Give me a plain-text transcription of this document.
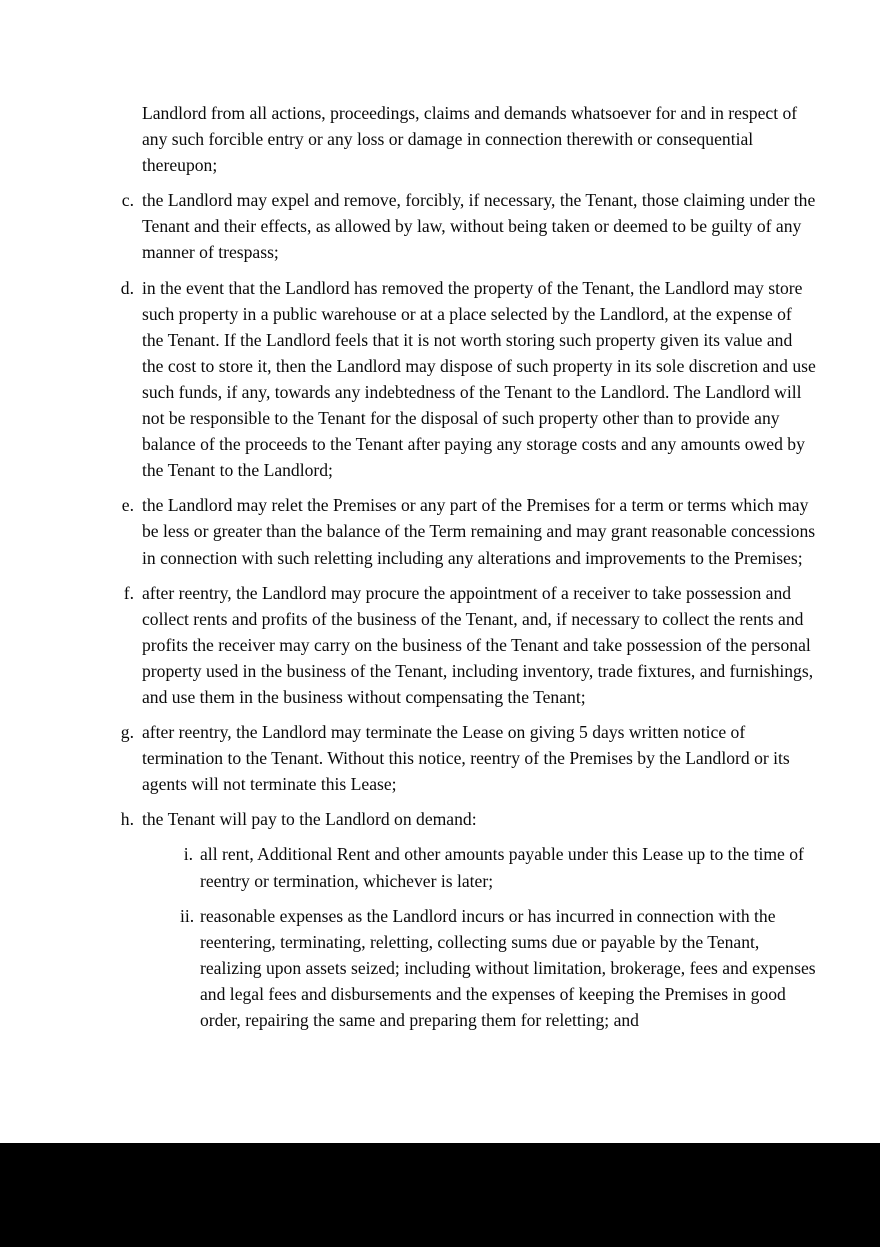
Landlord from all actions, proceedings, claims and demands whatsoever for and in respect of any such forcible entry or any loss or damage in connection therewith or consequential thereupon;

c. the Landlord may expel and remove, forcibly, if necessary, the Tenant, those claiming under the Tenant and their effects, as allowed by law, without being taken or deemed to be guilty of any manner of trespass;
d. in the event that the Landlord has removed the property of the Tenant, the Landlord may store such property in a public warehouse or at a place selected by the Landlord, at the expense of the Tenant. If the Landlord feels that it is not worth storing such property given its value and the cost to store it, then the Landlord may dispose of such property in its sole discretion and use such funds, if any, towards any indebtedness of the Tenant to the Landlord. The Landlord will not be responsible to the Tenant for the disposal of such property other than to provide any balance of the proceeds to the Tenant after paying any storage costs and any amounts owed by the Tenant to the Landlord;
e. the Landlord may relet the Premises or any part of the Premises for a term or terms which may be less or greater than the balance of the Term remaining and may grant reasonable concessions in connection with such reletting including any alterations and improvements to the Premises;
f. after reentry, the Landlord may procure the appointment of a receiver to take possession and collect rents and profits of the business of the Tenant, and, if necessary to collect the rents and profits the receiver may carry on the business of the Tenant and take possession of the personal property used in the business of the Tenant, including inventory, trade fixtures, and furnishings, and use them in the business without compensating the Tenant;
g. after reentry, the Landlord may terminate the Lease on giving 5 days written notice of termination to the Tenant. Without this notice, reentry of the Premises by the Landlord or its agents will not terminate this Lease;
h. the Tenant will pay to the Landlord on demand:
i. all rent, Additional Rent and other amounts payable under this Lease up to the time of reentry or termination, whichever is later;
ii. reasonable expenses as the Landlord incurs or has incurred in connection with the reentering, terminating, reletting, collecting sums due or payable by the Tenant, realizing upon assets seized; including without limitation, brokerage, fees and expenses and legal fees and disbursements and the expenses of keeping the Premises in good order, repairing the same and preparing them for reletting; and
